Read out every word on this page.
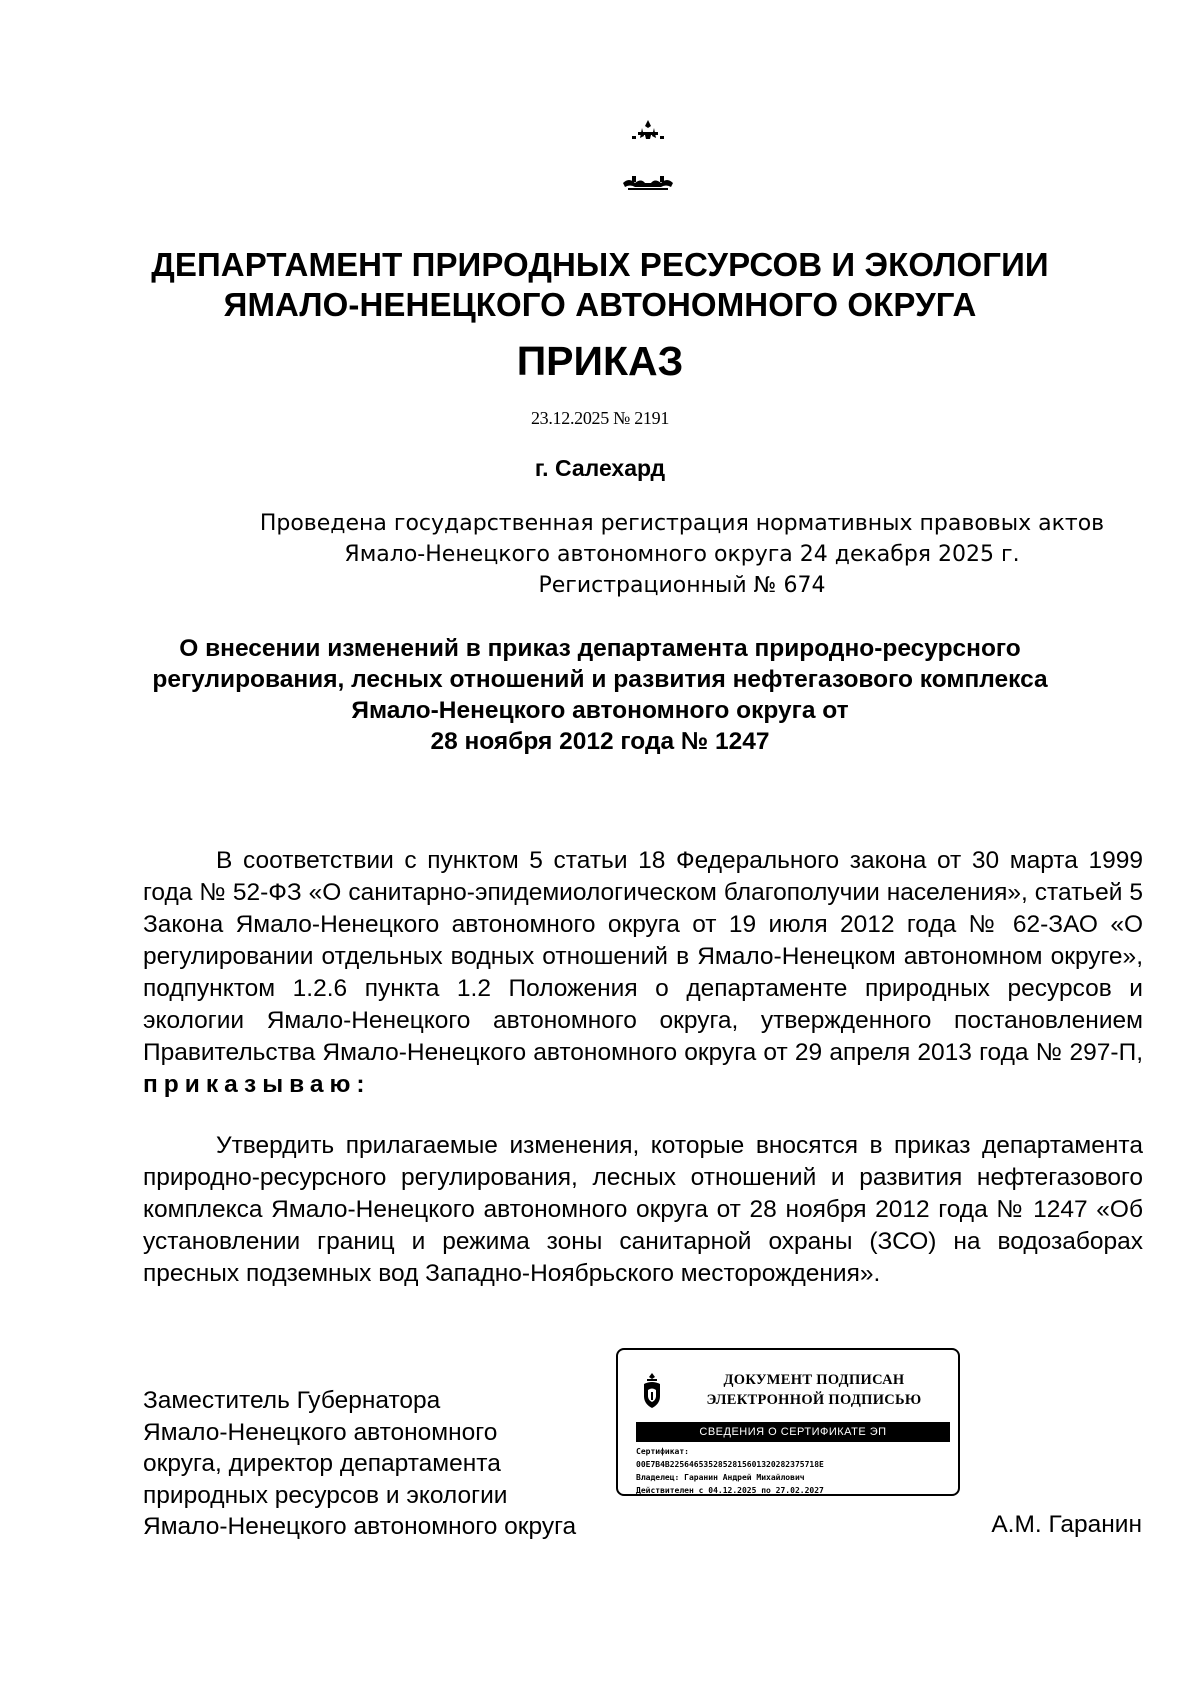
ДЕПАРТАМЕНТ ПРИРОДНЫХ РЕСУРСОВ И ЭКОЛОГИИ
ЯМАЛО-НЕНЕЦКОГО АВТОНОМНОГО ОКРУГА
ПРИКАЗ
23.12.2025 № 2191
г. Салехард
Проведена государственная регистрация нормативных правовых актов
Ямало-Ненецкого автономного округа 24 декабря 2025 г.
Регистрационный № 674
О внесении изменений в приказ департамента природно-ресурсного
регулирования, лесных отношений и развития нефтегазового комплекса
Ямало-Ненецкого автономного округа от
28 ноября 2012 года № 1247
В соответствии с пунктом 5 статьи 18 Федерального закона от 30 марта 1999 года № 52-ФЗ «О санитарно-эпидемиологическом благополучии населения», статьей 5 Закона Ямало-Ненецкого автономного округа от 19 июля 2012 года № 62-ЗАО «О регулировании отдельных водных отношений в Ямало-Ненецком автономном округе», подпунктом 1.2.6 пункта 1.2 Положения о департаменте природных ресурсов и экологии Ямало-Ненецкого автономного округа, утвержденного постановлением Правительства Ямало-Ненецкого автономного округа от 29 апреля 2013 года № 297-П, приказываю:
Утвердить прилагаемые изменения, которые вносятся в приказ департамента природно-ресурсного регулирования, лесных отношений и развития нефтегазового комплекса Ямало-Ненецкого автономного округа от 28 ноября 2012 года № 1247 «Об установлении границ и режима зоны санитарной охраны (ЗСО) на водозаборах пресных подземных вод Западно-Ноябрьского месторождения».
Заместитель Губернатора
Ямало-Ненецкого автономного
округа, директор департамента
природных ресурсов и экологии
Ямало-Ненецкого автономного округа	А.М. Гаранин
ДОКУМЕНТ ПОДПИСАН
ЭЛЕКТРОННОЙ ПОДПИСЬЮ
СВЕДЕНИЯ О СЕРТИФИКАТЕ ЭП
Сертификат:
00E7B4B2256465352852815601320282375718E
Владелец: Гаранин Андрей Михайлович
Действителен с 04.12.2025 по 27.02.2027
